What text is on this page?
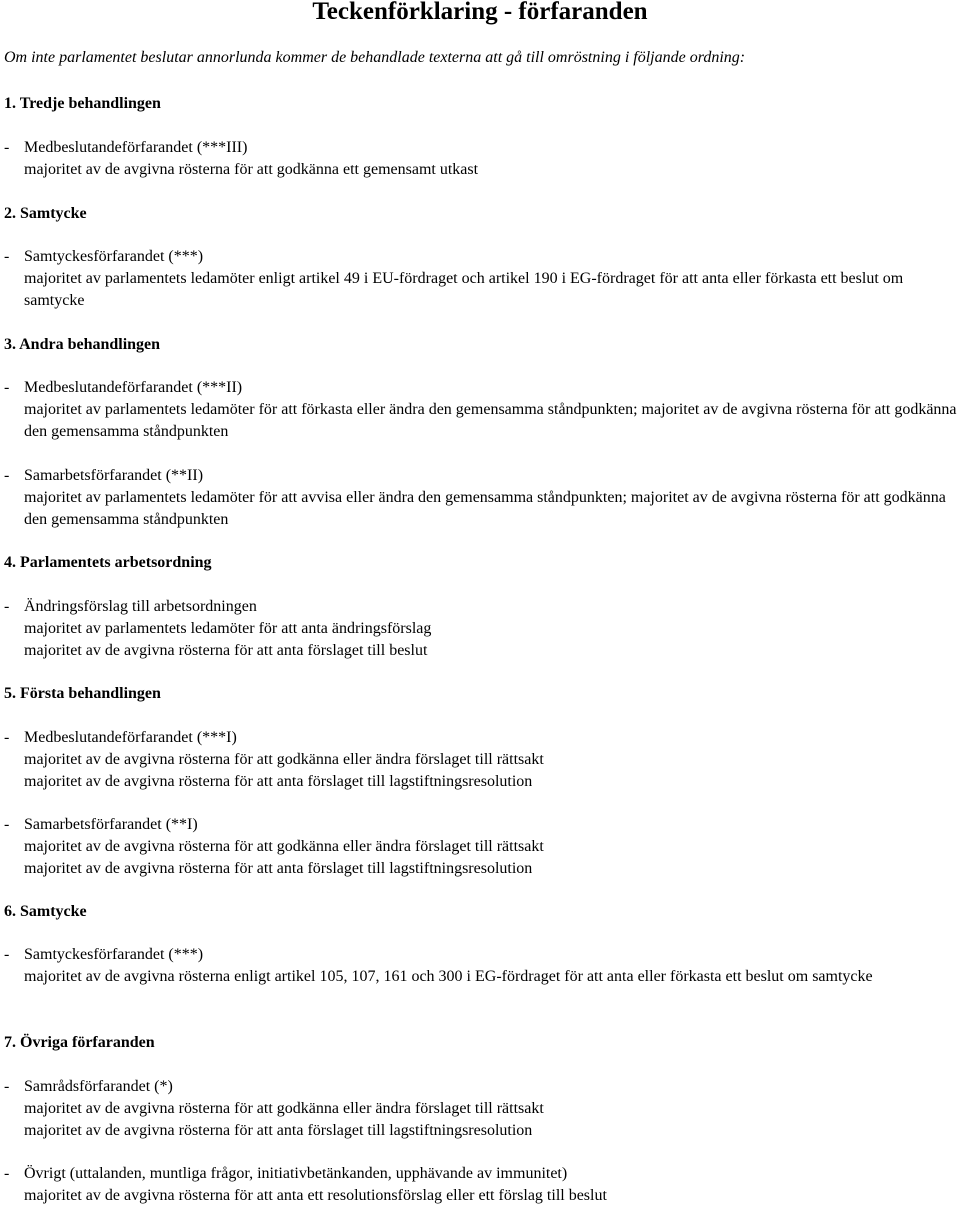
Teckenförklaring - förfaranden

Om inte parlamentet beslutar annorlunda kommer de behandlade texterna att gå till omröstning i följande ordning:

1. Tredje behandlingen
- Medbeslutandeförfarandet (***III)
majoritet av de avgivna rösterna för att godkänna ett gemensamt utkast
2. Samtycke
- Samtyckesförfarandet (***)
majoritet av parlamentets ledamöter enligt artikel 49 i EU-fördraget och artikel 190 i EG-fördraget för att anta eller förkasta ett beslut om samtycke
3. Andra behandlingen
- Medbeslutandeförfarandet (***II)
majoritet av parlamentets ledamöter för att förkasta eller ändra den gemensamma ståndpunkten; majoritet av de avgivna rösterna för att godkänna den gemensamma ståndpunkten
- Samarbetsförfarandet (**II)
majoritet av parlamentets ledamöter för att avvisa eller ändra den gemensamma ståndpunkten; majoritet av de avgivna rösterna för att godkänna den gemensamma ståndpunkten
4. Parlamentets arbetsordning
- Ändringsförslag till arbetsordningen
majoritet av parlamentets ledamöter för att anta ändringsförslag
majoritet av de avgivna rösterna för att anta förslaget till beslut
5. Första behandlingen
- Medbeslutandeförfarandet (***I)
majoritet av de avgivna rösterna för att godkänna eller ändra förslaget till rättsakt
majoritet av de avgivna rösterna för att anta förslaget till lagstiftningsresolution
- Samarbetsförfarandet (**I)
majoritet av de avgivna rösterna för att godkänna eller ändra förslaget till rättsakt
majoritet av de avgivna rösterna för att anta förslaget till lagstiftningsresolution
6. Samtycke
- Samtyckesförfarandet (***)
majoritet av de avgivna rösterna enligt artikel 105, 107, 161 och 300 i EG-fördraget för att anta eller förkasta ett beslut om samtycke
7. Övriga förfaranden
- Samrådsförfarandet (*)
majoritet av de avgivna rösterna för att godkänna eller ändra förslaget till rättsakt
majoritet av de avgivna rösterna för att anta förslaget till lagstiftningsresolution
- Övrigt (uttalanden, muntliga frågor, initiativbetänkanden, upphävande av immunitet)
majoritet av de avgivna rösterna för att anta ett resolutionsförslag eller ett förslag till beslut
